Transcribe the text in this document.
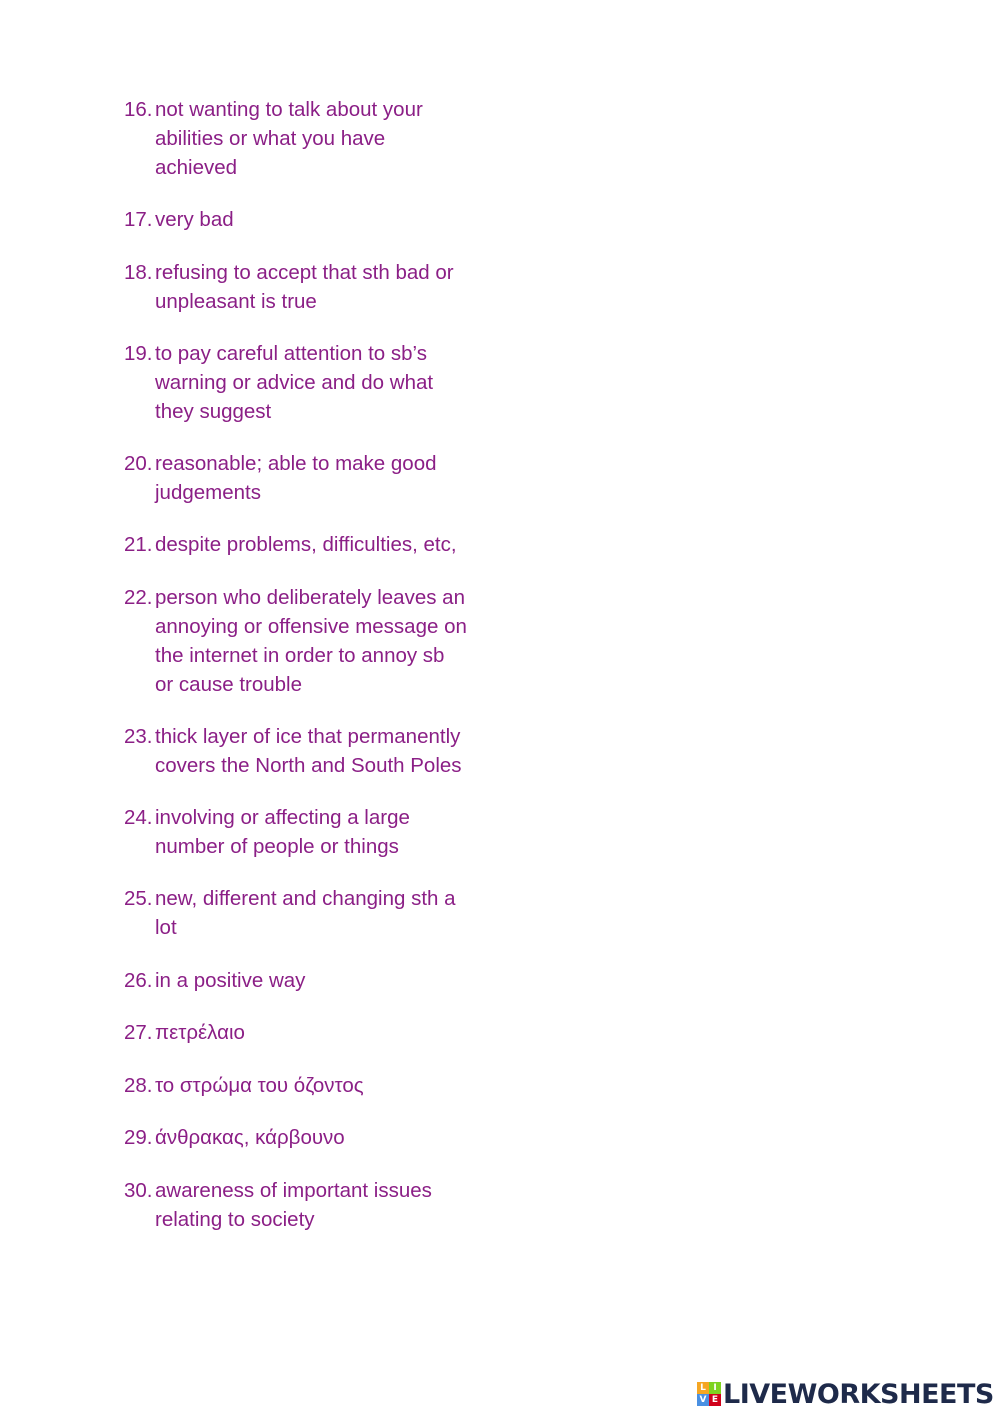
16. not wanting to talk about your
abilities or what you have
achieved
17. very bad
18. refusing to accept that sth bad or
unpleasant is true
19. to pay careful attention to sb’s
warning or advice and do what
they suggest
20. reasonable; able to make good
judgements
21. despite problems, difficulties, etc,
22. person who deliberately leaves an
annoying or offensive message on
the internet in order to annoy sb
or cause trouble
23. thick layer of ice that permanently
covers the North and South Poles
24. involving or affecting a large
number of people or things
25. new, different and changing sth a
lot
26. in a positive way
27. πετρέλαιο
28. το στρώμα του όζοντος
29. άνθρακας, κάρβουνο
30. awareness of important issues
relating to society
L I
V E LIVEWORKSHEETS
